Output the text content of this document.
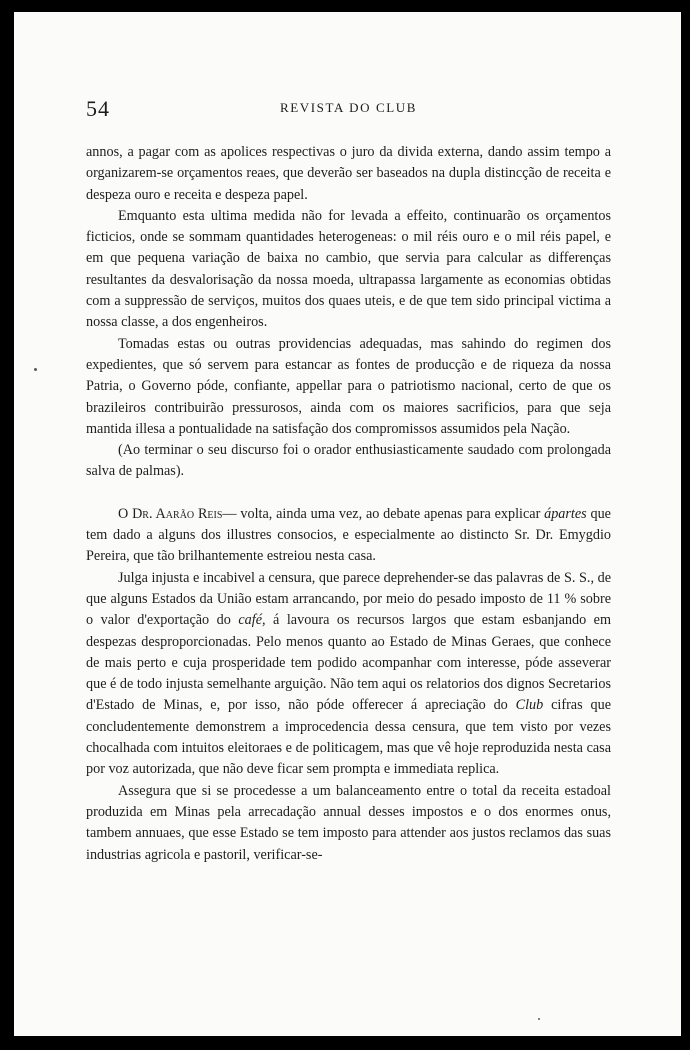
54	REVISTA DO CLUB

annos, a pagar com as apolices respectivas o juro da divida externa, dando assim tempo a organizarem-se orçamentos reaes, que deverão ser baseados na dupla distincção de receita e despeza ouro e receita e despeza papel.

Emquanto esta ultima medida não for levada a effeito, continuarão os orçamentos ficticios, onde se sommam quantidades heterogeneas: o mil réis ouro e o mil réis papel, e em que pequena variação de baixa no cambio, que servia para calcular as differenças resultantes da desvalorisação da nossa moeda, ultrapassa largamente as economias obtidas com a suppressão de serviços, muitos dos quaes uteis, e de que tem sido principal victima a nossa classe, a dos engenheiros.

Tomadas estas ou outras providencias adequadas, mas sahindo do regimen dos expedientes, que só servem para estancar as fontes de producção e de riqueza da nossa Patria, o Governo póde, confiante, appellar para o patriotismo nacional, certo de que os brazileiros contribuirão pressurosos, ainda com os maiores sacrificios, para que seja mantida illesa a pontualidade na satisfação dos compromissos assumidos pela Nação.

(Ao terminar o seu discurso foi o orador enthusiasticamente saudado com prolongada salva de palmas).

O Dr. Aarão Reis— volta, ainda uma vez, ao debate apenas para explicar ápartes que tem dado a alguns dos illustres consocios, e especialmente ao distincto Sr. Dr. Emygdio Pereira, que tão brilhantemente estreiou nesta casa.

Julga injusta e incabivel a censura, que parece deprehender-se das palavras de S. S., de que alguns Estados da União estam arrancando, por meio do pesado imposto de 11 % sobre o valor d'exportação do café, á lavoura os recursos largos que estam esbanjando em despezas desproporcionadas. Pelo menos quanto ao Estado de Minas Geraes, que conhece de mais perto e cuja prosperidade tem podido acompanhar com interesse, póde asseverar que é de todo injusta semelhante arguição. Não tem aqui os relatorios dos dignos Secretarios d'Estado de Minas, e, por isso, não póde offerecer á apreciação do Club cifras que concludentemente demonstrem a improcedencia dessa censura, que tem visto por vezes chocalhada com intuitos eleitoraes e de politicagem, mas que vê hoje reproduzida nesta casa por voz autorizada, que não deve ficar sem prompta e immediata replica.

Assegura que si se procedesse a um balanceamento entre o total da receita estadoal produzida em Minas pela arrecadação annual desses impostos e o dos enormes onus, tambem annuaes, que esse Estado se tem imposto para attender aos justos reclamos das suas industrias agricola e pastoril, verificar-se-
